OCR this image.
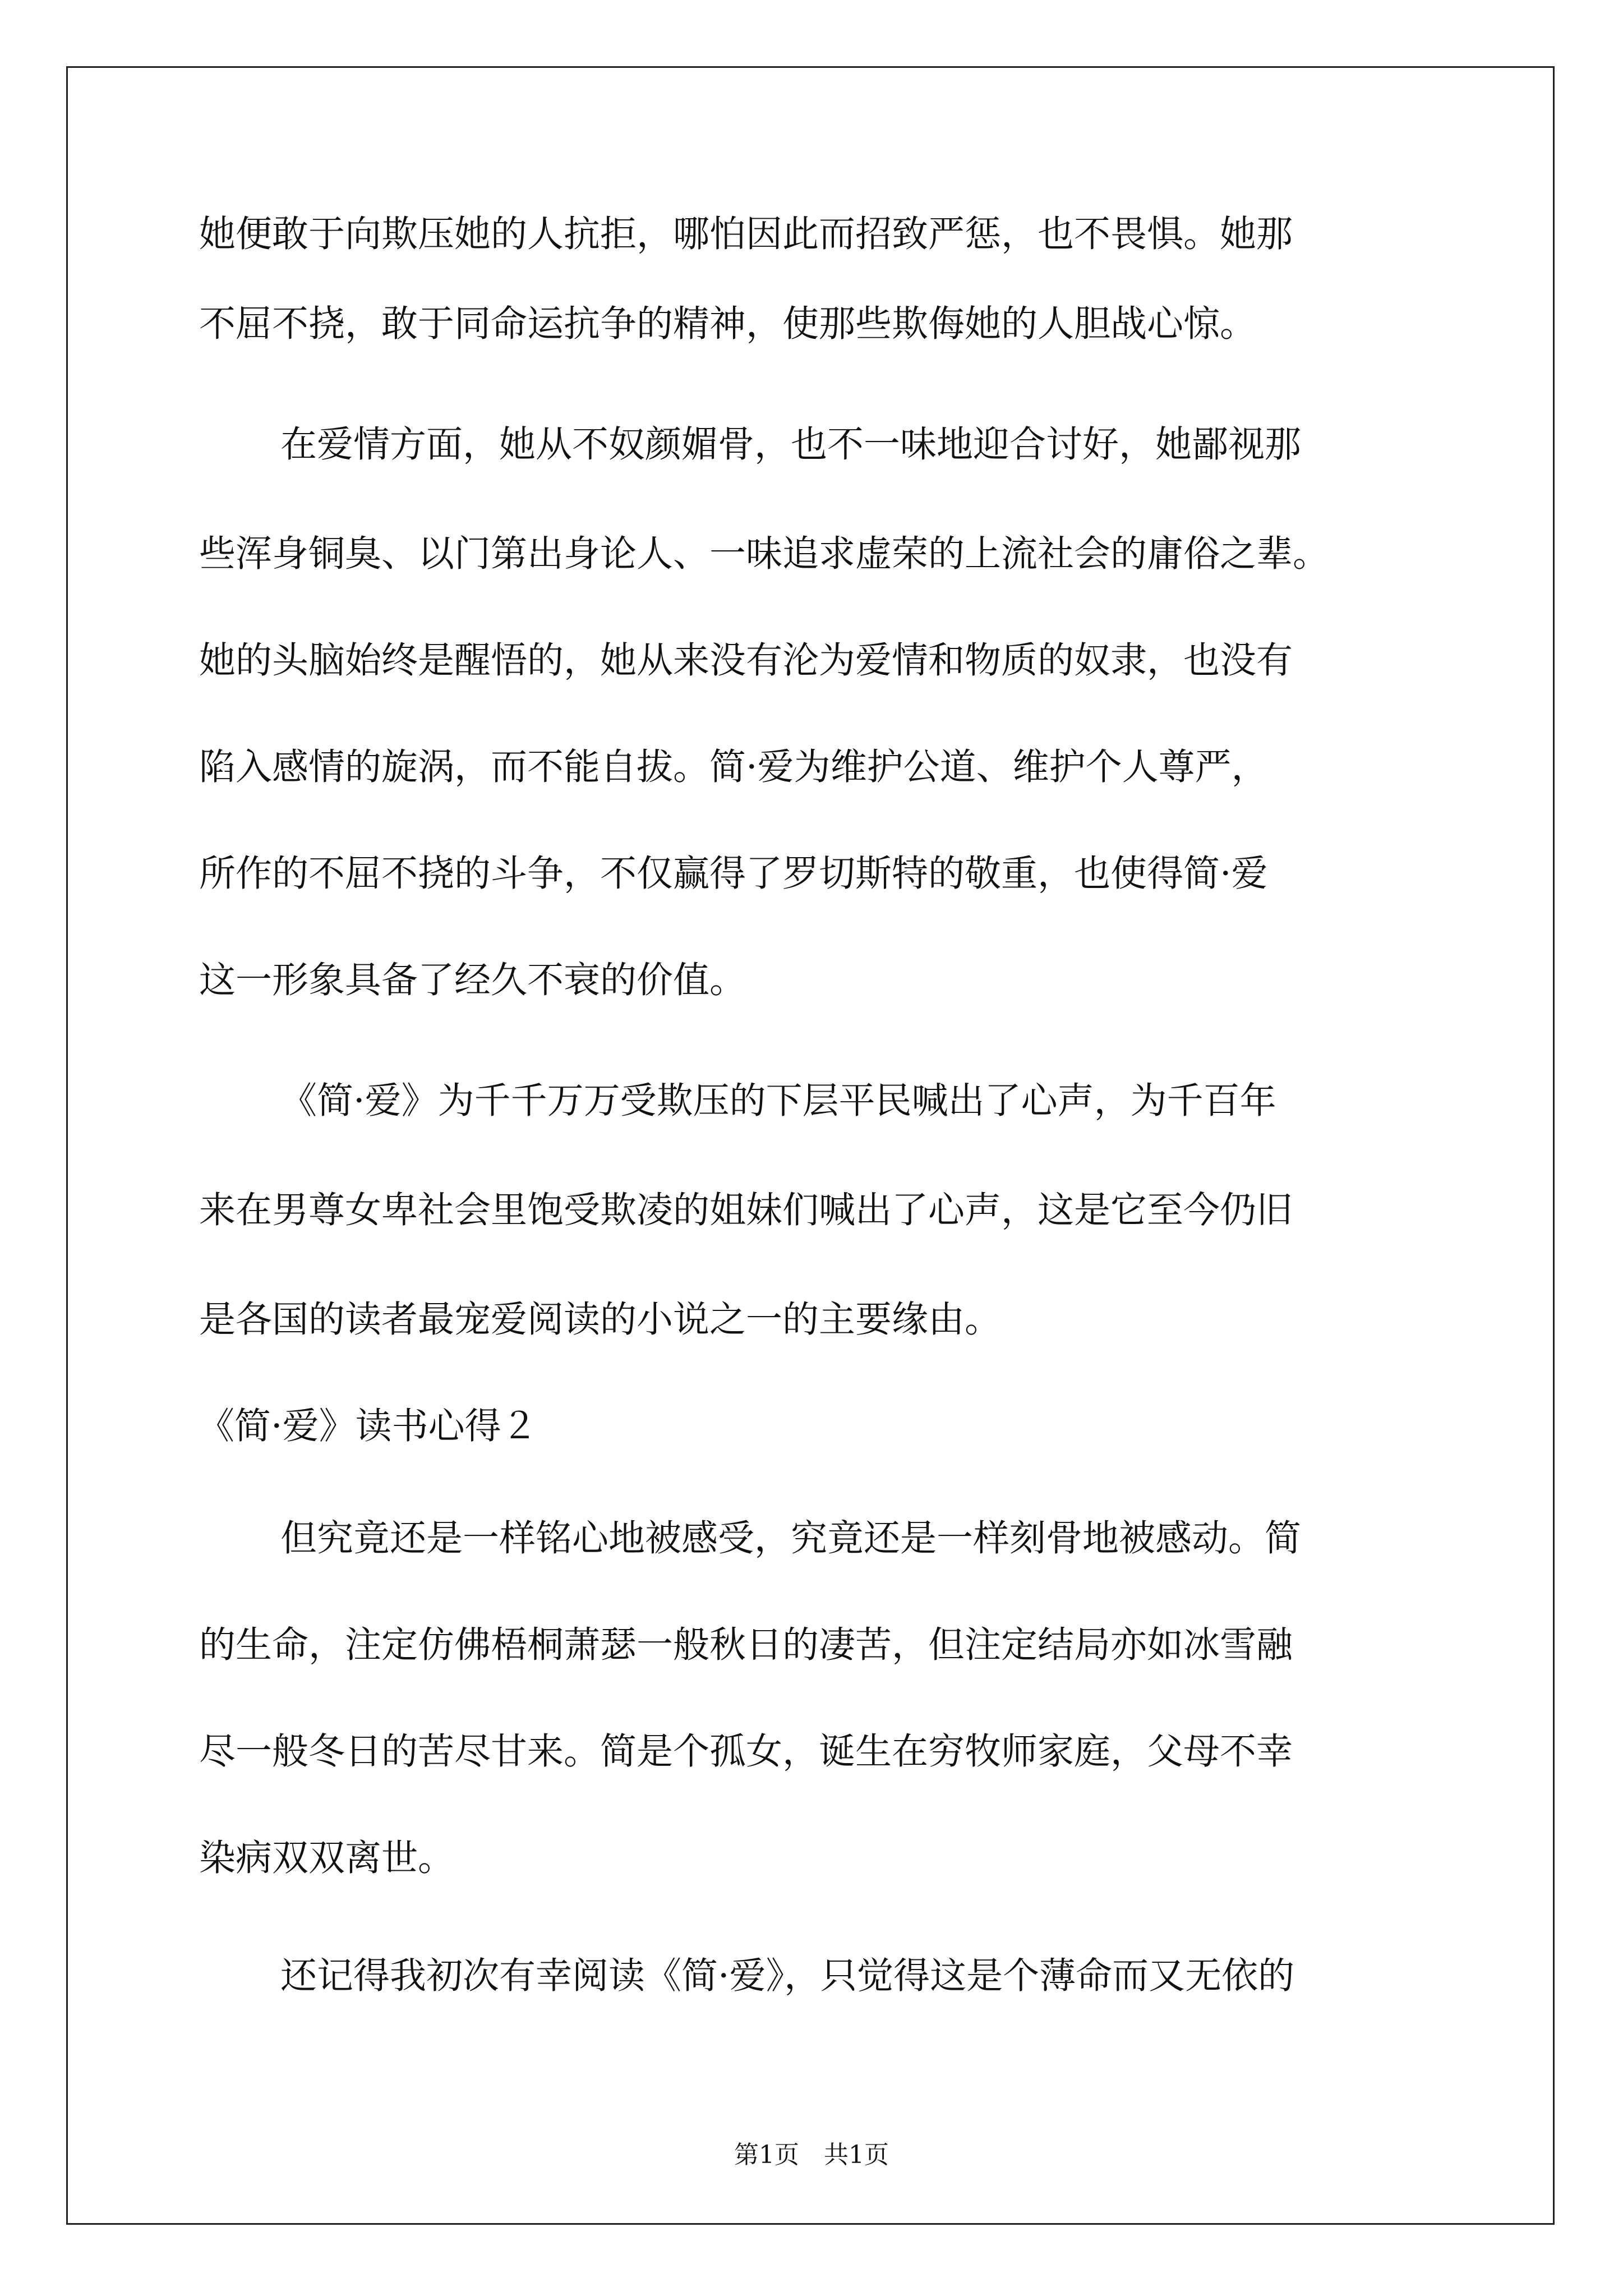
她便敢于向欺压她的人抗拒，哪怕因此而招致严惩，也不畏惧。她那
不屈不挠，敢于同命运抗争的精神，使那些欺侮她的人胆战心惊。
在爱情方面，她从不奴颜媚骨，也不一味地迎合讨好，她鄙视那
些浑身铜臭、以门第出身论人、一味追求虚荣的上流社会的庸俗之辈。
她的头脑始终是醒悟的，她从来没有沦为爱情和物质的奴隶，也没有
陷入感情的旋涡，而不能自拔。简·爱为维护公道、维护个人尊严，
所作的不屈不挠的斗争，不仅赢得了罗切斯特的敬重，也使得简·爱
这一形象具备了经久不衰的价值。
《简·爱》为千千万万受欺压的下层平民喊出了心声，为千百年
来在男尊女卑社会里饱受欺凌的姐妹们喊出了心声，这是它至今仍旧
是各国的读者最宠爱阅读的小说之一的主要缘由。
《简·爱》读书心得２
但究竟还是一样铭心地被感受，究竟还是一样刻骨地被感动。简
的生命，注定仿佛梧桐萧瑟一般秋日的凄苦，但注定结局亦如冰雪融
尽一般冬日的苦尽甘来。简是个孤女，诞生在穷牧师家庭，父母不幸
染病双双离世。
还记得我初次有幸阅读《简·爱》，只觉得这是个薄命而又无依的
第1页　共1页
